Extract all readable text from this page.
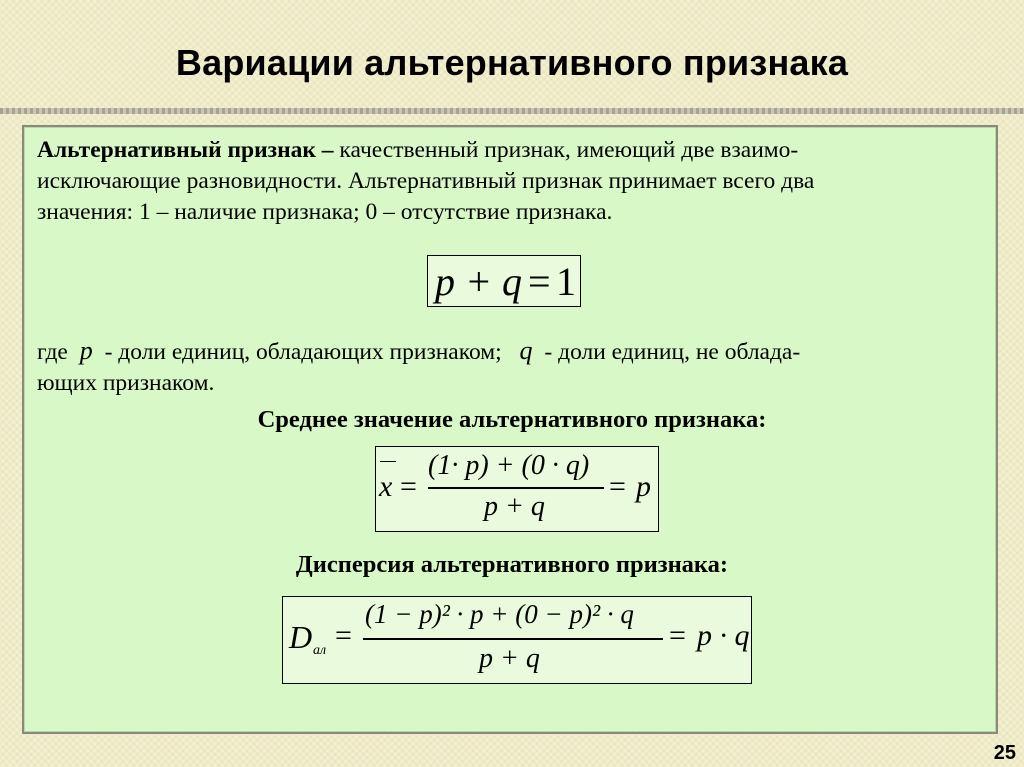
Вариации альтернативного признака
Альтернативный признак – качественный признак, имеющий две взаимо-
исключающие разновидности. Альтернативный признак принимает всего два
значения: 1 – наличие признака; 0 – отсутствие признака.
p + q = 1
где p - доли единиц, обладающих признаком; q - доли единиц, не облада-
ющих признаком.
Среднее значение альтернативного признака:
x =
(1· p) + (0 · q)
p + q
= p
Дисперсия альтернативного признака:
D ал =
(1 − p)² · p + (0 − p)² · q
p + q
= p · q
25
